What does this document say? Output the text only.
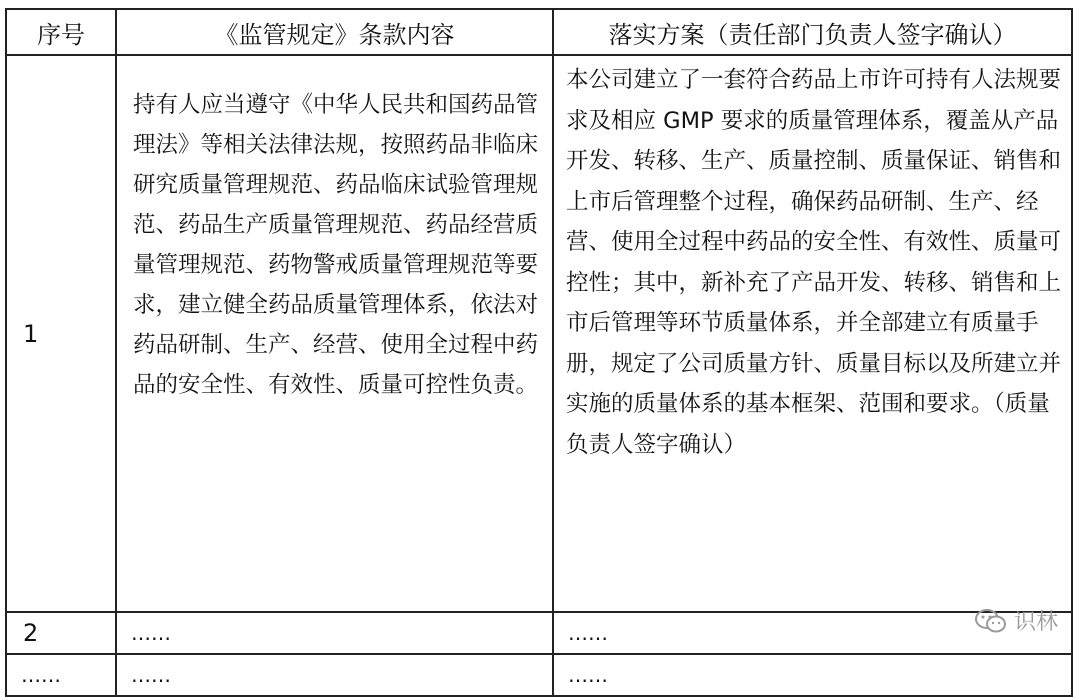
序号	《监管规定》条款内容	落实方案（责任部门负责人签字确认）
1	持有人应当遵守《中华人民共和国药品管理法》等相关法律法规，按照药品非临床研究质量管理规范、药品临床试验管理规范、药品生产质量管理规范、药品经营质量管理规范、药物警戒质量管理规范等要求，建立健全药品质量管理体系，依法对药品研制、生产、经营、使用全过程中药品的安全性、有效性、质量可控性负责。	本公司建立了一套符合药品上市许可持有人法规要求及相应 GMP 要求的质量管理体系，覆盖从产品开发、转移、生产、质量控制、质量保证、销售和上市后管理整个过程，确保药品研制、生产、经营、使用全过程中药品的安全性、有效性、质量可控性；其中，新补充了产品开发、转移、销售和上市后管理等环节质量体系，并全部建立有质量手册，规定了公司质量方针、质量目标以及所建立并实施的质量体系的基本框架、范围和要求。（质量负责人签字确认）
2	……	……
……	……	……
识林
